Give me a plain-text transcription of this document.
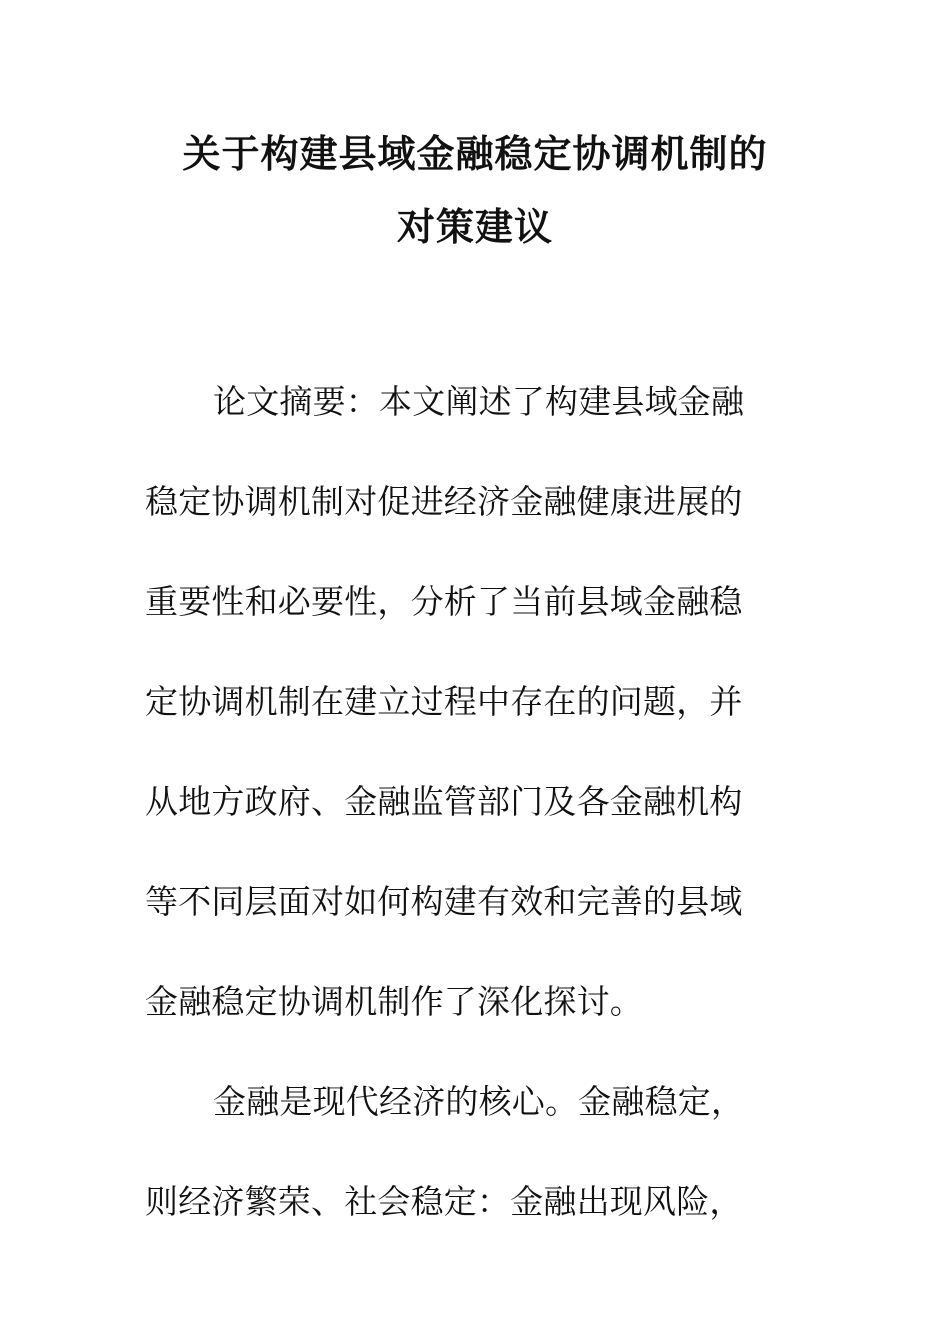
关于构建县域金融稳定协调机制的
对策建议
论文摘要：本文阐述了构建县域金融
稳定协调机制对促进经济金融健康进展的
重要性和必要性，分析了当前县域金融稳
定协调机制在建立过程中存在的问题，并
从地方政府、金融监管部门及各金融机构
等不同层面对如何构建有效和完善的县域
金融稳定协调机制作了深化探讨。
金融是现代经济的核心。金融稳定，
则经济繁荣、社会稳定：金融出现风险，
